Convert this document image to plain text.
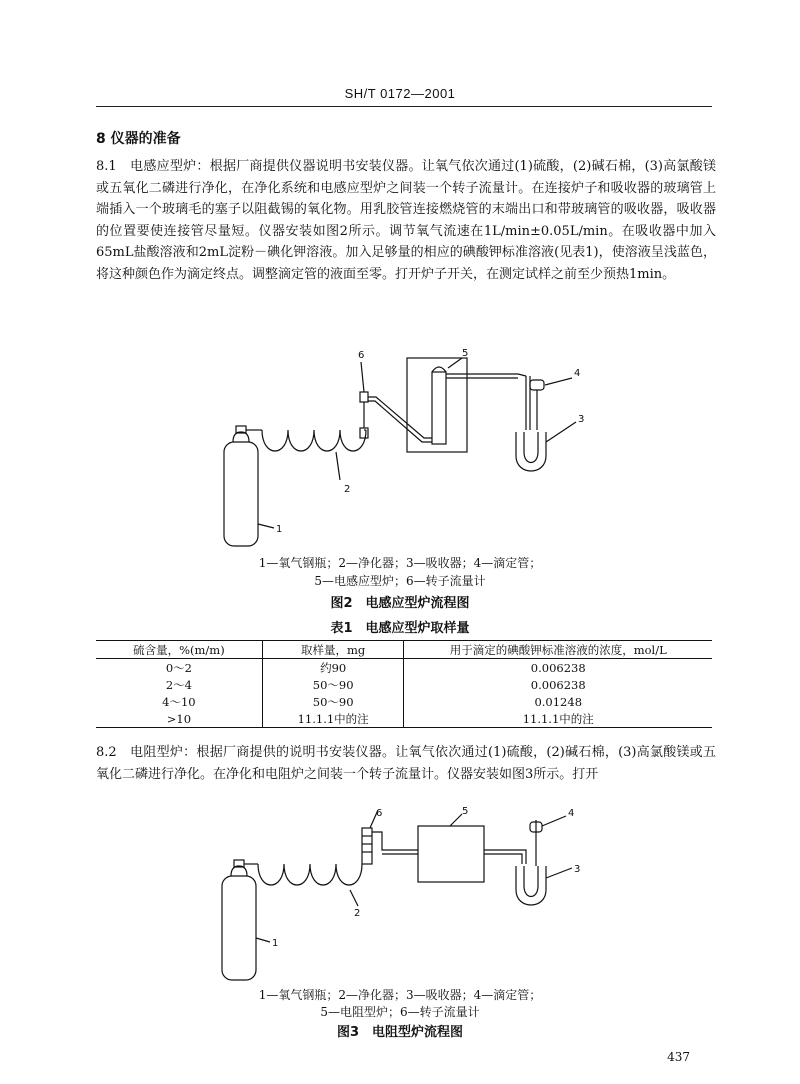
SH/T 0172—2001
8 仪器的准备
8.1　电感应型炉：根据厂商提供仪器说明书安装仪器。让氧气依次通过(1)硫酸，(2)碱石棉，(3)高氯酸镁或五氧化二磷进行净化，在净化系统和电感应型炉之间装一个转子流量计。在连接炉子和吸收器的玻璃管上端插入一个玻璃毛的塞子以阻截锡的氧化物。用乳胶管连接燃烧管的末端出口和带玻璃管的吸收器，吸收器的位置要使连接管尽量短。仪器安装如图2所示。调节氧气流速在1L/min±0.05L/min。在吸收器中加入65mL盐酸溶液和2mL淀粉－碘化钾溶液。加入足够量的相应的碘酸钾标准溶液(见表1)，使溶液呈浅蓝色，将这种颜色作为滴定终点。调整滴定管的液面至零。打开炉子开关，在测定试样之前至少预热1min。
6	5
4
3
2
1
1—氧气钢瓶；2—净化器；3—吸收器；4—滴定管；
5—电感应型炉；6—转子流量计
图2　电感应型炉流程图
表1　电感应型炉取样量
硫含量，%(m/m)	取样量，mg	用于滴定的碘酸钾标准溶液的浓度，mol/L
0～2	约90	0.006238
2～4	50～90	0.006238
4～10	50～90	0.01248
>10	11.1.1中的注	11.1.1中的注
8.2　电阻型炉：根据厂商提供的说明书安装仪器。让氧气依次通过(1)硫酸，(2)碱石棉，(3)高氯酸镁或五氧化二磷进行净化。在净化和电阻炉之间装一个转子流量计。仪器安装如图3所示。打开
6	5	4
3
2
1
1—氧气钢瓶；2—净化器；3—吸收器；4—滴定管；
5—电阻型炉；6—转子流量计
图3　电阻型炉流程图
437
